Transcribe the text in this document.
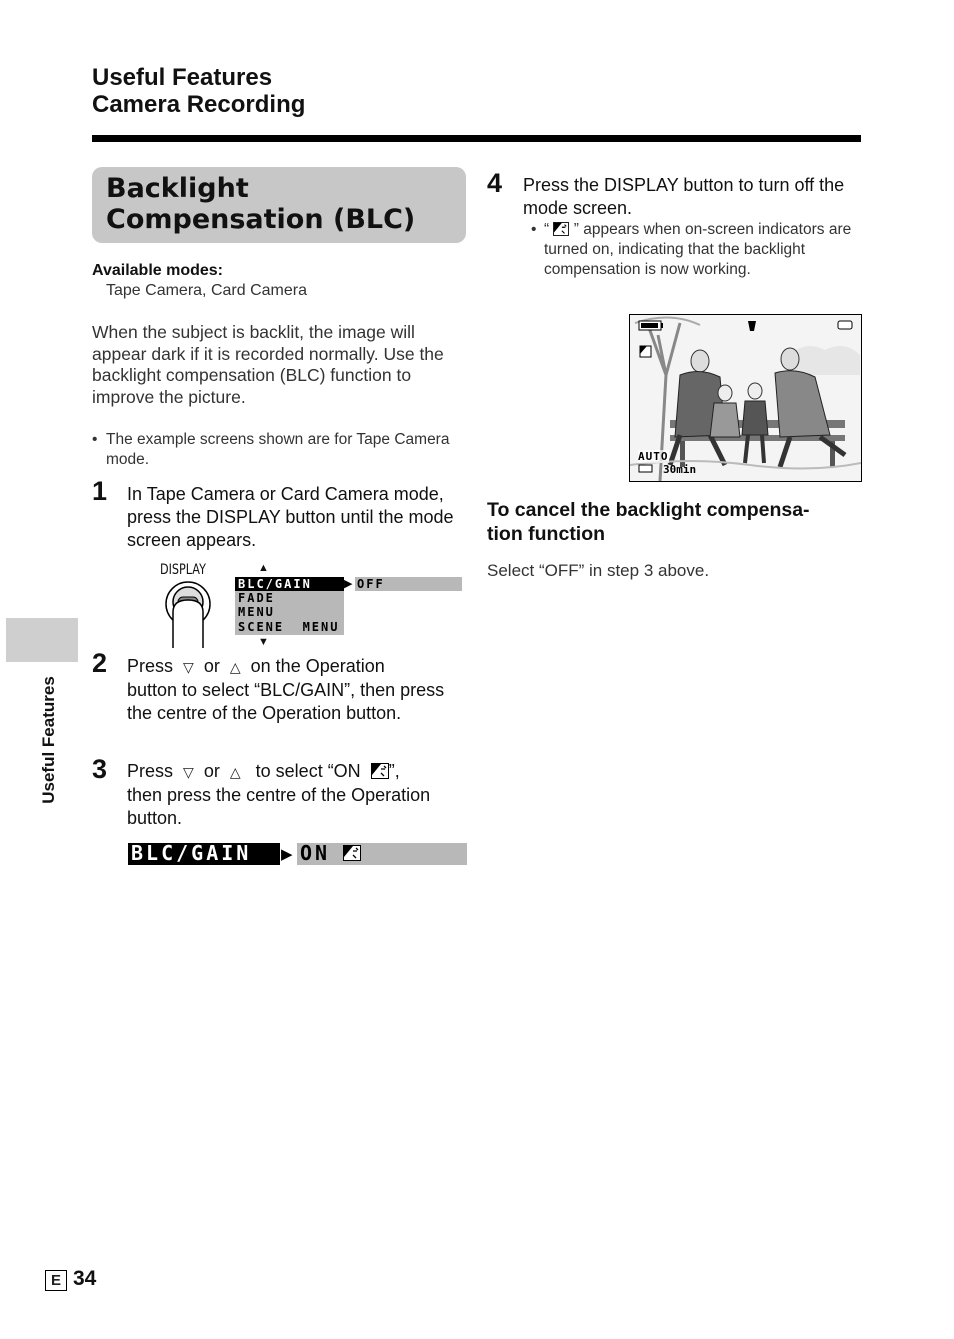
Useful Features
Camera Recording
Useful Features
Backlight
Compensation (BLC)
Available modes:
Tape Camera, Card Camera
When the subject is backlit, the image will appear dark if it is recorded normally. Use the backlight compensation (BLC) function to improve the picture.
• The example screens shown are for Tape Camera mode.
1 In Tape Camera or Card Camera mode, press the DISPLAY button until the mode screen appears.
DISPLAY	▲
BLC/GAIN
FADE
MENU
SCENE  MENU
▼
▶ OFF
2 Press ▽ or △ on the Operation
button to select “BLC/GAIN”, then press the centre of the Operation button.
3 Press ▽ or △ to select “ON ”,
then press the centre of the Operation button.
BLC/GAIN ▶ ON
4 Press the DISPLAY button to turn off the mode screen.
• “ ” appears when on-screen indicators are turned on, indicating that the backlight compensation is now working.
AUTO
30min
To cancel the backlight compensa-
tion function
Select “OFF” in step 3 above.
E 34
